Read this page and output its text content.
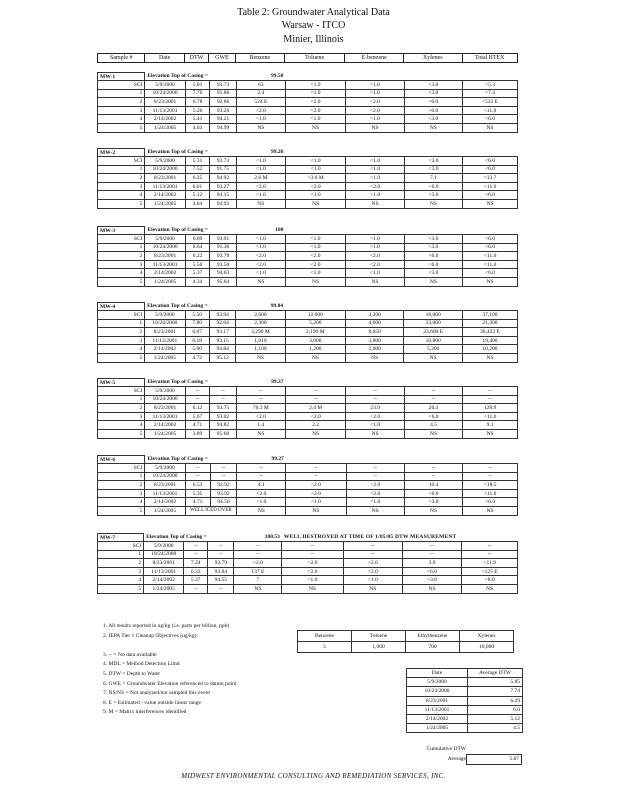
Table 2: Groundwater Analytical Data
Warsaw - ITCO
Minier, Illinois
Sample #	Date	DTW	GWE	Benzene	Toluene	E-benzene	Xylenes	Total BTEX
MW-1	Elevation Top of Casing =			99.50				
SCI	5/9/2000	5.81	93.73	63	<1.0	<1.0	<3.0	<5.3
1	10/24/2000	7.76	91.86	2.4	<1.0	<1.0	<3.0	<7.4
2	8/23/2001	6.78	92.86	524 E	<2.0	<2.0	<6.0	<533 E
3	11/13/2001	5.26	93.26	<2.0	<2.0	<2.0	<6.0	<11.0
4	2/14/2002	5.41	94.21	<1.0	<1.0	<1.0	<3.0	<6.0
5	1/24/2005	4.63	94.99	NS	NS	NS	NS	NS
MW-2	Elevation Top of Casing =			99.26				
SCI	5/9/2000	5.31	93.73	<1.0	<1.0	<1.0	<3.0	<6.0
1	10/24/2000	7.52	91.75	<1.0	<1.0	<1.0	<3.0	<6.0
2	8/23/2001	6.25	94.92	2.6 M	<3.0 M	<1.0	7.1	<13.7
3	11/13/2001	6.01	93.27	<2.0	<2.0	<2.0	<6.0	<11.0
4	2/14/2002	5.12	94.15	<1.0	<1.0	<1.0	<3.0	<6.0
5	1/24/2005	4.64	94.93	NS	NS	NS	NS	NS
MW-3	Elevation Top of Casing =			100				
SCI	5/9/2000	6.09	93.91	<1.0	<1.0	<1.0	<3.0	<6.0
1	10/24/2000	8.64	91.36	<1.0	<1.0	<1.0	<3.0	<6.0
2	8/23/2001	6.22	93.78	<2.0	<2.0	<2.0	<6.0	<11.0
3	11/13/2001	5.50	93.50	<2.0	<2.0	<2.0	<6.0	<11.0
4	2/14/2002	5.37	94.63	<1.0	<1.0	<1.0	<3.0	<6.0
5	1/24/2005	4.34	95.64	NS	NS	NS	NS	NS
MW-4	Elevation Top of Casing =			99.84				
SCI	5/9/2000	5.50	93.94	2,600	12,000	4,200	18,000	37,100
1	10/24/2000	7.80	92.04	2,300	5,200	4,000	13,000	21,300
2	8/23/2001	6.67	93.17	3,290 M	2,190 M	8,650	23,600 E	36,423 E
3	11/13/2001	6.18	93.15	1,010	3,000	3,800	10,800	19,400
4	2/14/2002	5.00	94.84	1,100	1,200	2,000	5,300	10,200
5	1/24/2005	4.72	95.12	NS	NS	NS	NS	NS
MW-5	Elevation Top of Casing =			99.37				
SCI	5/9/2000	--	--	--	--	--	--	--
1	10/24/2000	--	--	--	--	--	--	--
2	8/23/2001	6.12	93.75	76.3 M	2.4 M	23.9	26.3	128.9
3	11/13/2001	5.67	93.02	<2.0	<2.0	<2.0	<6.0	<11.0
4	2/14/2002	4.71	94.82	1.4	2.2	<1.0	4.5	9.1
5	1/24/2005	3.89	95.68	NS	NS	NS	NS	NS
MW-6	Elevation Top of Casing =			99.27				
SCI	5/9/2000	--	--	--	--	--	--	--
1	10/24/2000	--	--	--	--	--	--	--
2	8/23/2001	6.53	92.92	4.1	<2.0	<2.0	10.4	<18.5
3	11/13/2001	5.35	93.92	<2.0	<2.0	<2.0	<6.0	<11.0
4	2/14/2002	4.71	94.56	<1.0	<1.0	<1.0	<3.0	<6.0
5	1/24/2005	WELL ICED OVER		NS	NS	NS	NS	NS
MW-7	Elevation Top of Casing =			100.53	WELL DESTROYED AT TIME OF 1/05/05 DTW MEASUREMENT			
SCI	5/9/2000	--	--	--	--	--	--	--
1	10/24/2000	--	--	--	--	--	--	--
2	8/23/2001	7.24	93.79	<2.0	<2.0	<2.0	3.9	<11.9
3	11/13/2001	6.33	93.84	137 E	<2.0	<2.0	<6.0	<125 E
4	2/14/2002	5.37	94.55	7	<1.0	<1.0	<3.0	<8.0
5	1/24/2005	--	--	NS	NS	NS	NS	NS
1. All results reported in ug/kg (i.e. parts per billion, ppb)
2. IEPA Tier 1 Cleanup Objectives (ug/kg):

3. -- = No data available
4. MDL = Method Detection Limit
5. DTW = Depth to Water
6. GWE = Groundwater Elevation referenced to datum point
7. NS/NS = Not analyzed/not sampled this event
8. E = Estimated - value outside linear range
9. M = Matrix interferences identified
Benzene	Toluene	Ethylbenzene	Xylenes
5	1,000	700	10,000
Date	Average DTW
5/9/2000	5.85
10/24/2000	7.74
8/23/2001	6.29
11/13/2001	6.0
2/14/2002	5.12
1/24/2005	4.5
Cumulative DTW
Average	5.87
MIDWEST ENVIRONMENTAL CONSULTING AND REMEDIATION SERVICES, INC.
